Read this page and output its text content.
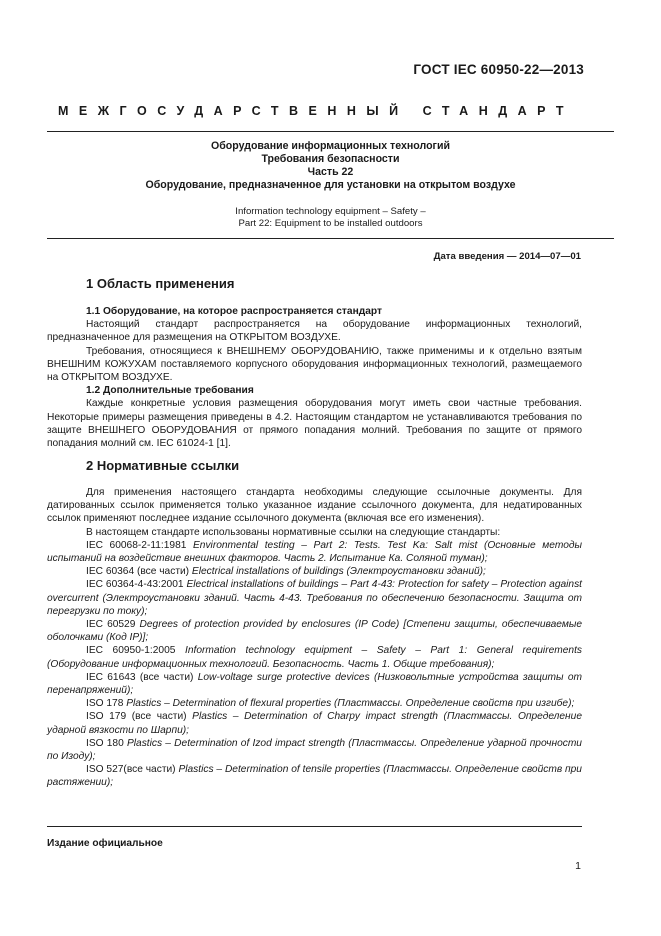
ГОСТ IEC 60950-22—2013
МЕЖГОСУДАРСТВЕННЫЙ СТАНДАРТ
Оборудование информационных технологий
Требования безопасности
Часть 22
Оборудование, предназначенное для установки на открытом воздухе
Information technology equipment – Safety –
Part 22: Equipment to be installed outdoors
Дата введения — 2014—07—01
1 Область применения

1.1 Оборудование, на которое распространяется стандарт

Настоящий стандарт распространяется на оборудование информационных технологий, предназначенное для размещения на ОТКРЫТОМ ВОЗДУХЕ.

Требования, относящиеся к ВНЕШНЕМУ ОБОРУДОВАНИЮ, также применимы и к отдельно взятым ВНЕШНИМ КОЖУХАМ поставляемого корпусного оборудования информационных технологий, размещаемого на ОТКРЫТОМ ВОЗДУХЕ.

1.2 Дополнительные требования

Каждые конкретные условия размещения оборудования могут иметь свои частные требования. Некоторые примеры размещения приведены в 4.2. Настоящим стандартом не устанавливаются требования по защите ВНЕШНЕГО ОБОРУДОВАНИЯ от прямого попадания молний. Требования по защите от прямого попадания молний см. IEC 61024-1 [1].

2 Нормативные ссылки

Для применения настоящего стандарта необходимы следующие ссылочные документы. Для датированных ссылок применяется только указанное издание ссылочного документа, для недатированных ссылок применяют последнее издание ссылочного документа (включая все его изменения).

В настоящем стандарте использованы нормативные ссылки на следующие стандарты:

IEC 60068-2-11:1981 Environmental testing – Part 2: Tests. Test Ka: Salt mist (Основные методы испытаний на воздействие внешних факторов. Часть 2. Испытание Ка. Соляной туман);

IEC 60364 (все части) Electrical installations of buildings (Электроустановки зданий);

IEC 60364-4-43:2001 Electrical installations of buildings – Part 4-43: Protection for safety – Protection against overcurrent (Электроустановки зданий. Часть 4-43. Требования по обеспечению безопасности. Защита от перегрузки по току);

IEC 60529 Degrees of protection provided by enclosures (IP Code) [Степени защиты, обеспечиваемые оболочками (Код IP)];

IEC 60950-1:2005 Information technology equipment – Safety – Part 1: General requirements (Оборудование информационных технологий. Безопасность. Часть 1. Общие требования);

IEC 61643 (все части) Low-voltage surge protective devices (Низковольтные устройства защиты от перенапряжений);

ISO 178 Plastics – Determination of flexural properties (Пластмассы. Определение свойств при изгибе);

ISO 179 (все части) Plastics – Determination of Charpy impact strength (Пластмассы. Определение ударной вязкости по Шарпи);

ISO 180 Plastics – Determination of Izod impact strength (Пластмассы. Определение ударной прочности по Изоду);

ISO 527(все части) Plastics – Determination of tensile properties (Пластмассы. Определение свойств при растяжении);

Издание официальное
1
